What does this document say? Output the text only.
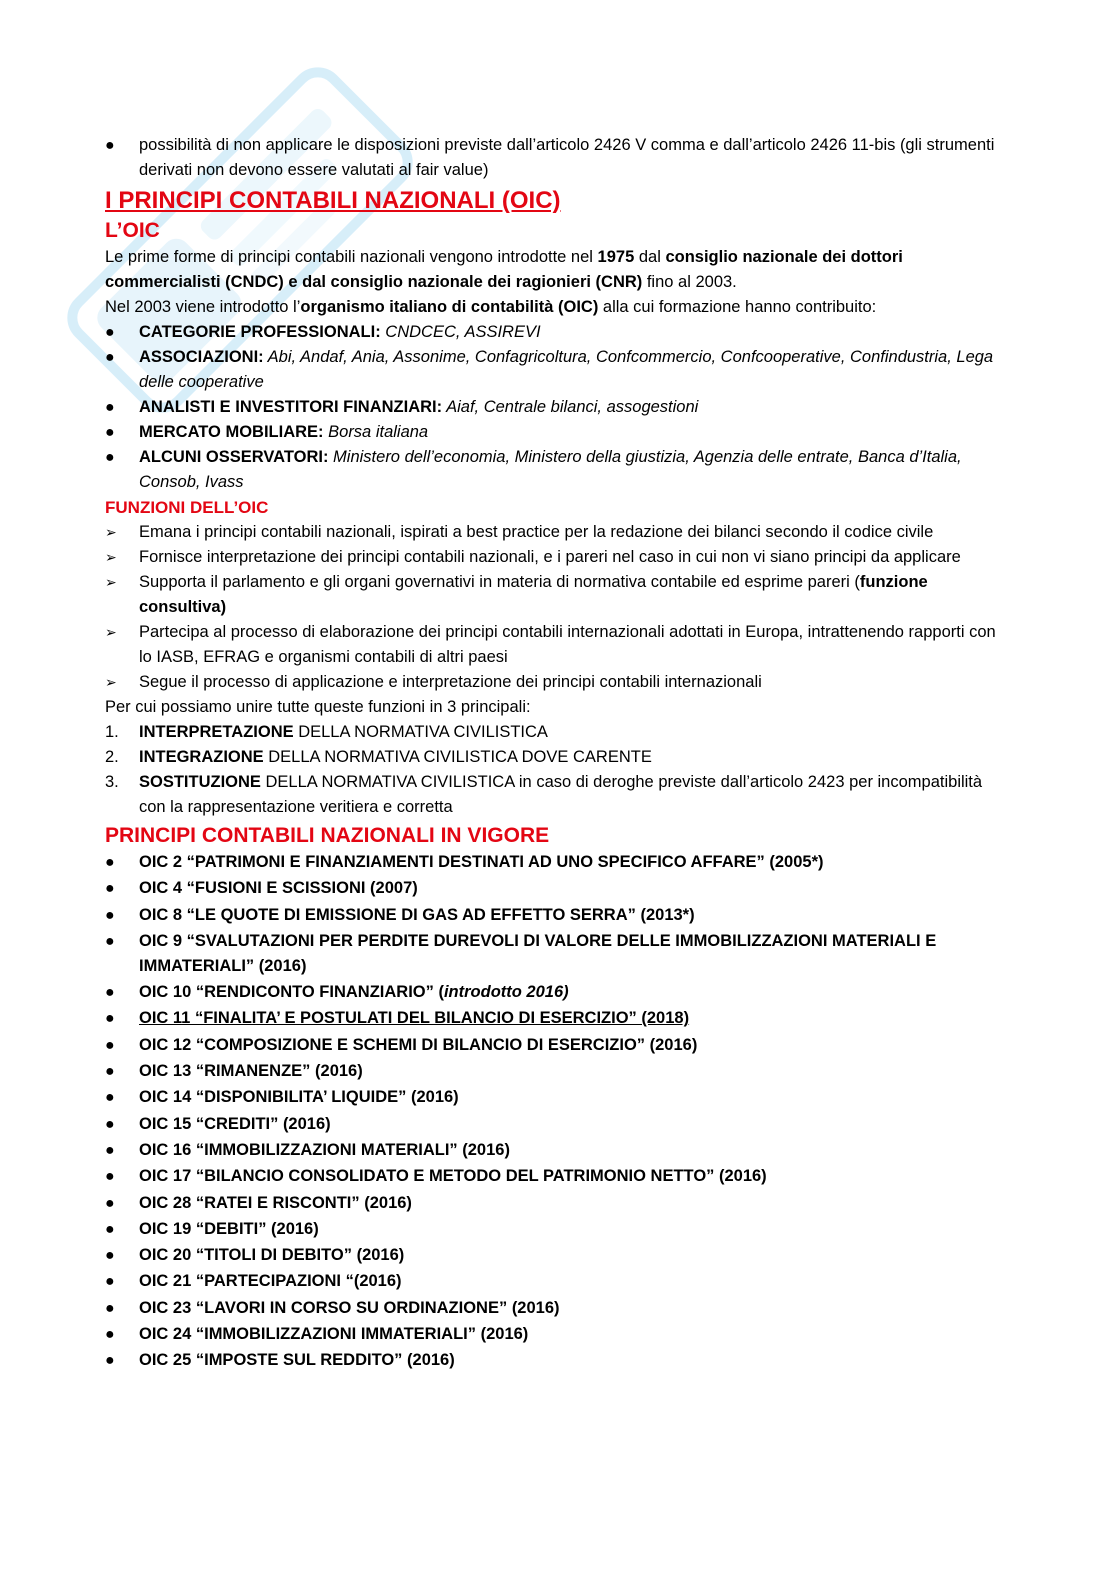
●	possibilità di non applicare le disposizioni previste dall’articolo 2426 V comma e dall’articolo 2426 11-bis (gli strumenti derivati non devono essere valutati al fair value)
I PRINCIPI CONTABILI NAZIONALI (OIC)
L’OIC
Le prime forme di principi contabili nazionali vengono introdotte nel 1975 dal consiglio nazionale dei dottori commercialisti (CNDC) e dal consiglio nazionale dei ragionieri (CNR) fino al 2003.
Nel 2003 viene introdotto l’organismo italiano di contabilità (OIC) alla cui formazione hanno contribuito:
●	CATEGORIE PROFESSIONALI: CNDCEC, ASSIREVI
●	ASSOCIAZIONI: Abi, Andaf, Ania, Assonime, Confagricoltura, Confcommercio, Confcooperative, Confindustria, Lega delle cooperative
●	ANALISTI E INVESTITORI FINANZIARI: Aiaf, Centrale bilanci, assogestioni
●	MERCATO MOBILIARE: Borsa italiana
●	ALCUNI OSSERVATORI: Ministero dell’economia, Ministero della giustizia, Agenzia delle entrate, Banca d’Italia, Consob, Ivass
FUNZIONI DELL’OIC
➢	Emana i principi contabili nazionali, ispirati a best practice per la redazione dei bilanci secondo il codice civile
➢	Fornisce interpretazione dei principi contabili nazionali, e i pareri nel caso in cui non vi siano principi da applicare
➢	Supporta il parlamento e gli organi governativi in materia di normativa contabile ed esprime pareri (funzione consultiva)
➢	Partecipa al processo di elaborazione dei principi contabili internazionali adottati in Europa, intrattenendo rapporti con lo IASB, EFRAG e organismi contabili di altri paesi
➢	Segue il processo di applicazione e interpretazione dei principi contabili internazionali
Per cui possiamo unire tutte queste funzioni in 3 principali:
1.	INTERPRETAZIONE DELLA NORMATIVA CIVILISTICA
2.	INTEGRAZIONE DELLA NORMATIVA CIVILISTICA DOVE CARENTE
3.	SOSTITUZIONE DELLA NORMATIVA CIVILISTICA in caso di deroghe previste dall’articolo 2423 per incompatibilità con la rappresentazione veritiera e corretta
PRINCIPI CONTABILI NAZIONALI IN VIGORE
●	OIC 2 “PATRIMONI E FINANZIAMENTI DESTINATI AD UNO SPECIFICO AFFARE” (2005*)
●	OIC 4 “FUSIONI E SCISSIONI (2007)
●	OIC 8 “LE QUOTE DI EMISSIONE DI GAS AD EFFETTO SERRA” (2013*)
●	OIC 9 “SVALUTAZIONI PER PERDITE DUREVOLI DI VALORE DELLE IMMOBILIZZAZIONI MATERIALI E IMMATERIALI” (2016)
●	OIC 10 “RENDICONTO FINANZIARIO” (introdotto 2016)
●	OIC 11 “FINALITA’ E POSTULATI DEL BILANCIO DI ESERCIZIO” (2018)
●	OIC 12 “COMPOSIZIONE E SCHEMI DI BILANCIO DI ESERCIZIO” (2016)
●	OIC 13 “RIMANENZE” (2016)
●	OIC 14 “DISPONIBILITA’ LIQUIDE” (2016)
●	OIC 15 “CREDITI” (2016)
●	OIC 16 “IMMOBILIZZAZIONI MATERIALI” (2016)
●	OIC 17 “BILANCIO CONSOLIDATO E METODO DEL PATRIMONIO NETTO” (2016)
●	OIC 28 “RATEI E RISCONTI” (2016)
●	OIC 19 “DEBITI” (2016)
●	OIC 20 “TITOLI DI DEBITO” (2016)
●	OIC 21 “PARTECIPAZIONI “(2016)
●	OIC 23 “LAVORI IN CORSO SU ORDINAZIONE” (2016)
●	OIC 24 “IMMOBILIZZAZIONI IMMATERIALI” (2016)
●	OIC 25 “IMPOSTE SUL REDDITO” (2016)
